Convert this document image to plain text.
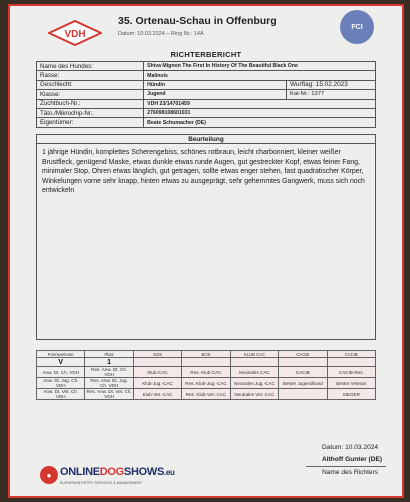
VDH
35. Ortenau-Schau in Offenburg
Datum: 10.03.2024 – Ring Nr.: 14A
FCI
RICHTERBERICHT
Name des Hundes:	Shiva Mignon The First In History Of The Beautiful Black One	
Rasse:	Malinois	
Geschlecht:	Hündin	Wurftag: 15.02.2023
Klasse:	Jugend	Kat-Nr.: 1377
Zuchtbuch-Nr.:	VDH 23/14701459	
Täto./Mikrochip-Nr.:	276098108601031	
Eigentümer:	Beate Schumacher (DE)	
Beurteilung
1 jährige Hündin, komplettes Scherengebiss, schönes rotbraun, leicht charbonniert, kleiner weißer Brustfleck, genügend Maske, etwas dunkle etwas runde Augen, gut gestreckter Kopf, etwas feiner Fang, minimaler Stop, Ohren etwas länglich, gut getragen, sollte etwas enger stehen, fast quadratischer Körper, Winkelungen vorne sehr knapp, hinten etwas zu ausgeprägt, sehr gehemmtes Gangwerk, muss sich noch entwickeln
Formwertnote	Platz	SOS	BOS	KLUB CAC	CACIB	CACIB
V	1					
Anw. Dt. Ch. VDH	Res. Anw. Dt. Ch. VDH	Klub-CAC	Res. Klub-CAC	Neutrales CAC	CACIB	CACIB-Res.
Anw. Dt. Jug. Ch. VDH	Res. Anw. Dt. Jug. Ch. VDH	Klub-Jug.-CAC	Res. Klub-Jug.-CAC	Neutrales Jug.-CAC	Bester Jugendhund	Bester Veteran
Anw. Dt. Vet. Ch. VDH	Res. Anw. Dt. Vet. Ch. VDH	Klub-Vet.-CAC	Res. Klub-Vet.-CAC	Neutrales Vet.-CAC		SIEGER
Datum: 10.03.2024
Althoff Gunter (DE)
Name des Richters
● ONLINEDOGSHOWS.eu
EUROPEAN ENTRY SERVICES & MANAGEMENT
